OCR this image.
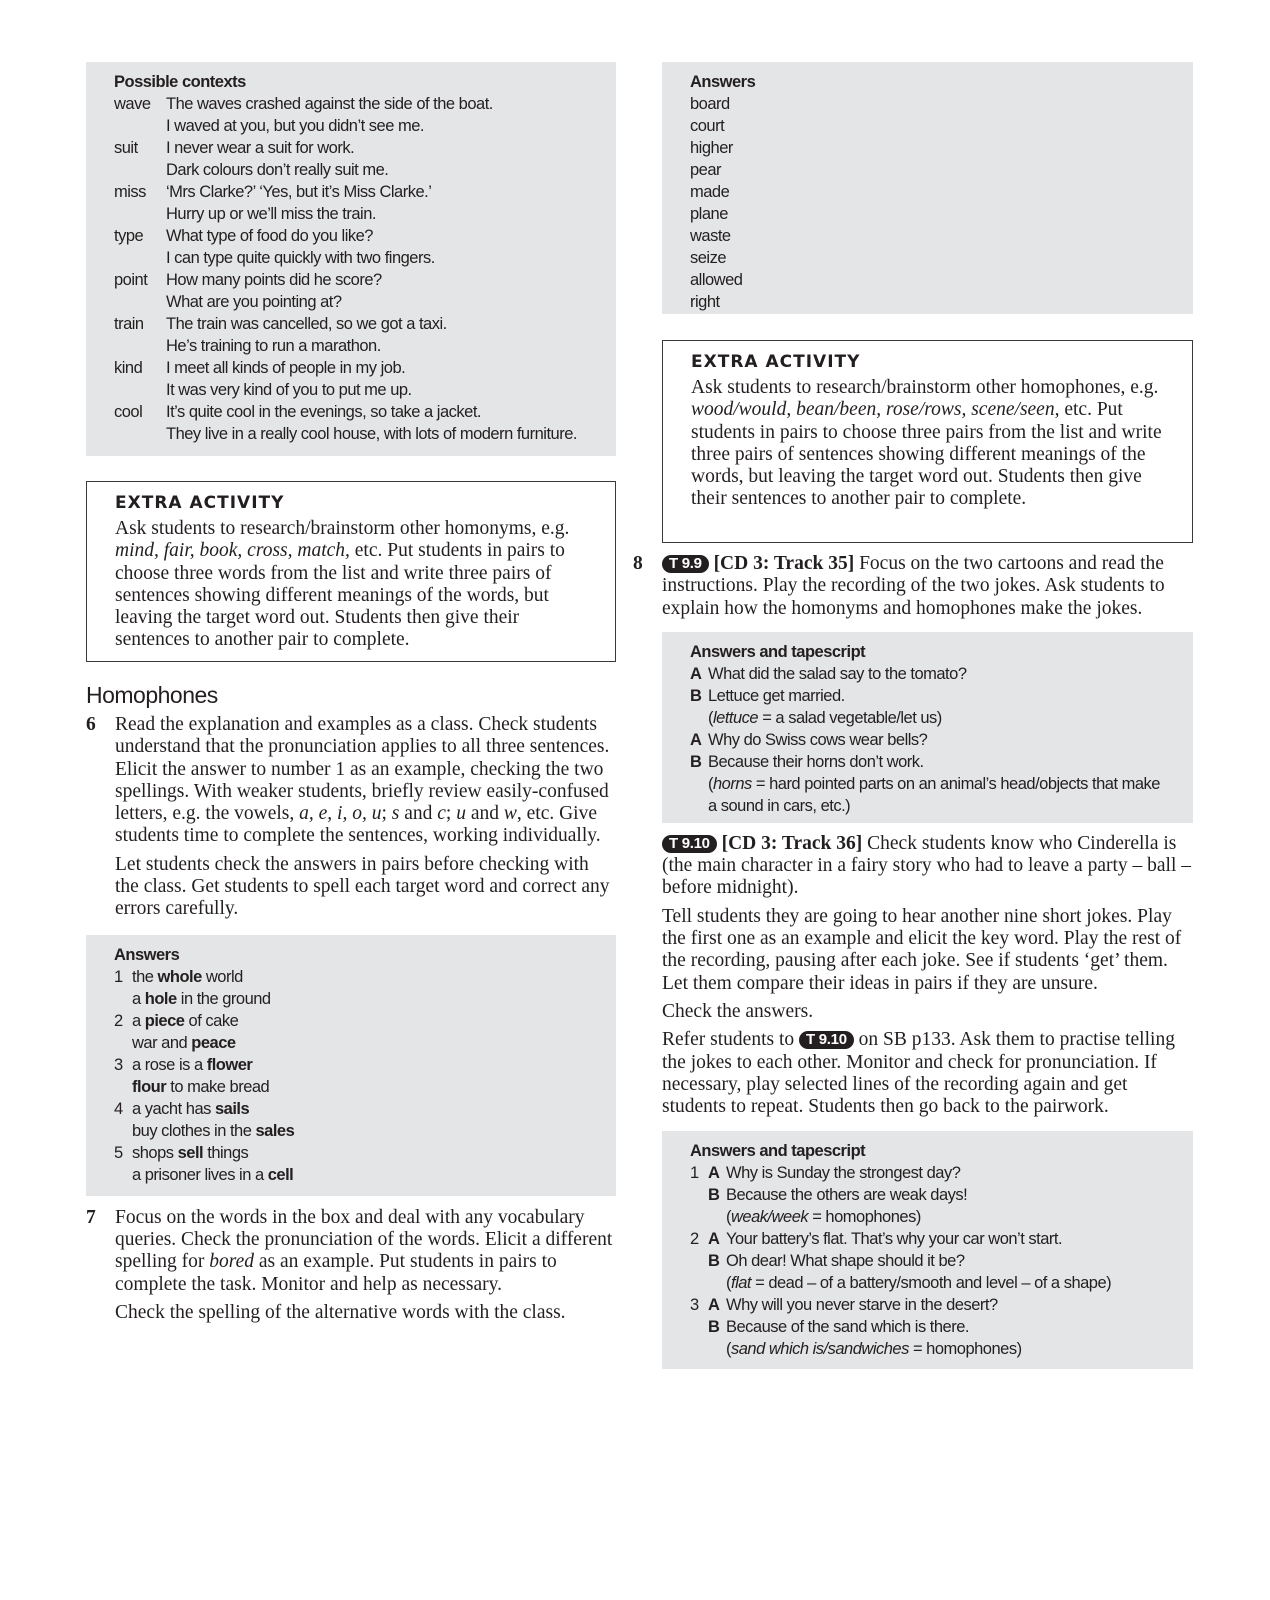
Possible contexts
wave The waves crashed against the side of the boat.
I waved at you, but you didn’t see me.
suit	I never wear a suit for work.
Dark colours don’t really suit me.
miss	‘Mrs Clarke?’ ‘Yes, but it’s Miss Clarke.’
Hurry up or we’ll miss the train.
type	What type of food do you like?
I can type quite quickly with two fingers.
point	How many points did he score?
What are you pointing at?
train	The train was cancelled, so we got a taxi.
He’s training to run a marathon.
kind	I meet all kinds of people in my job.
It was very kind of you to put me up.
cool	It’s quite cool in the evenings, so take a jacket.
They live in a really cool house, with lots of modern furniture.
EXTRA ACTIVITY

Ask students to research/brainstorm other homonyms, e.g. mind, fair, book, cross, match, etc. Put students in pairs to choose three words from the list and write three pairs of sentences showing different meanings of the words, but leaving the target word out. Students then give their sentences to another pair to complete.

Homophones
6 Read the explanation and examples as a class. Check students understand that the pronunciation applies to all three sentences. Elicit the answer to number 1 as an example, checking the two spellings. With weaker students, briefly review easily-confused letters, e.g. the vowels, a, e, i, o, u; s and c; u and w, etc. Give students time to complete the sentences, working individually.

Let students check the answers in pairs before checking with the class. Get students to spell each target word and correct any errors carefully.

Answers
1 the whole world
a hole in the ground
2 a piece of cake
war and peace
3 a rose is a flower
flour to make bread
4 a yacht has sails
buy clothes in the sales
5 shops sell things
a prisoner lives in a cell
7 Focus on the words in the box and deal with any vocabulary queries. Check the pronunciation of the words. Elicit a different spelling for bored as an example. Put students in pairs to complete the task. Monitor and help as necessary.

Check the spelling of the alternative words with the class.

Answers
board
court
higher
pear
made
plane
waste
seize
allowed
right
EXTRA ACTIVITY

Ask students to research/brainstorm other homophones, e.g. wood/would, bean/been, rose/rows, scene/seen, etc. Put students in pairs to choose three pairs from the list and write three pairs of sentences showing different meanings of the words, but leaving the target word out. Students then give their sentences to another pair to complete.

8	T 9.9 [CD 3: Track 35] Focus on the two cartoons and read the instructions. Play the recording of the two jokes. Ask students to explain how the homonyms and homophones make the jokes.

Answers and tapescript
A What did the salad say to the tomato?
B Lettuce get married.
(lettuce = a salad vegetable/let us)
A Why do Swiss cows wear bells?
B Because their horns don’t work.
(horns = hard pointed parts on an animal’s head/objects that make a sound in cars, etc.)

T 9.10 [CD 3: Track 36] Check students know who Cinderella is (the main character in a fairy story who had to leave a party – ball – before midnight).

Tell students they are going to hear another nine short jokes. Play the first one as an example and elicit the key word. Play the rest of the recording, pausing after each joke. See if students ‘get’ them. Let them compare their ideas in pairs if they are unsure.

Check the answers.

Refer students to T 9.10 on SB p133. Ask them to practise telling the jokes to each other. Monitor and check for pronunciation. If necessary, play selected lines of the recording again and get students to repeat. Students then go back to the pairwork.

Answers and tapescript
1 A Why is Sunday the strongest day?
B Because the others are weak days!
(weak/week = homophones)
2 A Your battery’s flat. That’s why your car won’t start.
B Oh dear! What shape should it be?
(flat = dead – of a battery/smooth and level – of a shape)
3 A Why will you never starve in the desert?
B Because of the sand which is there.
(sand which is/sandwiches = homophones)
